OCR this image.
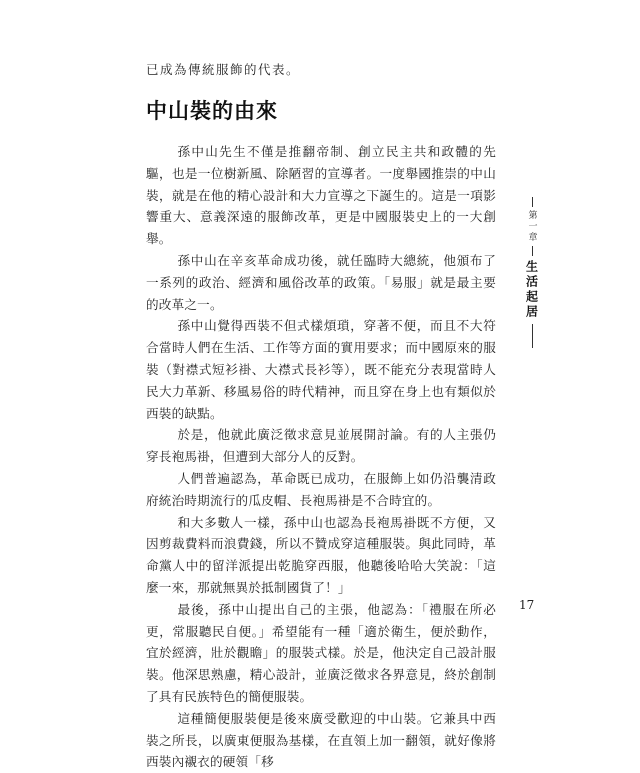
已成為傳統服飾的代表。
中山裝的由來

孫中山先生不僅是推翻帝制、創立民主共和政體的先驅，也是一位樹新風、除陋習的宣導者。一度舉國推崇的中山裝，就是在他的精心設計和大力宣導之下誕生的。這是一項影響重大、意義深遠的服飾改革，更是中國服裝史上的一大創舉。

孫中山在辛亥革命成功後，就任臨時大總統，他頒布了一系列的政治、經濟和風俗改革的政策。「易服」就是最主要的改革之一。

孫中山覺得西裝不但式樣煩瑣，穿著不便，而且不大符合當時人們在生活、工作等方面的實用要求；而中國原來的服裝（對襟式短衫褂、大襟式長衫等），既不能充分表現當時人民大力革新、移風易俗的時代精神，而且穿在身上也有類似於西裝的缺點。

於是，他就此廣泛徵求意見並展開討論。有的人主張仍穿長袍馬褂，但遭到大部分人的反對。

人們普遍認為，革命既已成功，在服飾上如仍沿襲清政府統治時期流行的瓜皮帽、長袍馬褂是不合時宜的。

和大多數人一樣，孫中山也認為長袍馬褂既不方便，又因剪裁費料而浪費錢，所以不贊成穿這種服裝。與此同時，革命黨人中的留洋派提出乾脆穿西服，他聽後哈哈大笑說：「這麼一來，那就無異於抵制國貨了！」

最後，孫中山提出自己的主張，他認為：「禮服在所必更，常服聽民自便。」希望能有一種「適於衛生，便於動作，宜於經濟，壯於觀瞻」的服裝式樣。於是，他決定自己設計服裝。他深思熟慮，精心設計，並廣泛徵求各界意見，終於創制了具有民族特色的簡便服裝。

這種簡便服裝便是後來廣受歡迎的中山裝。它兼具中西裝之所長，以廣東便服為基樣，在直領上加一翻領，就好像將西裝內襯衣的硬領「移

第一章
生活起居
17
